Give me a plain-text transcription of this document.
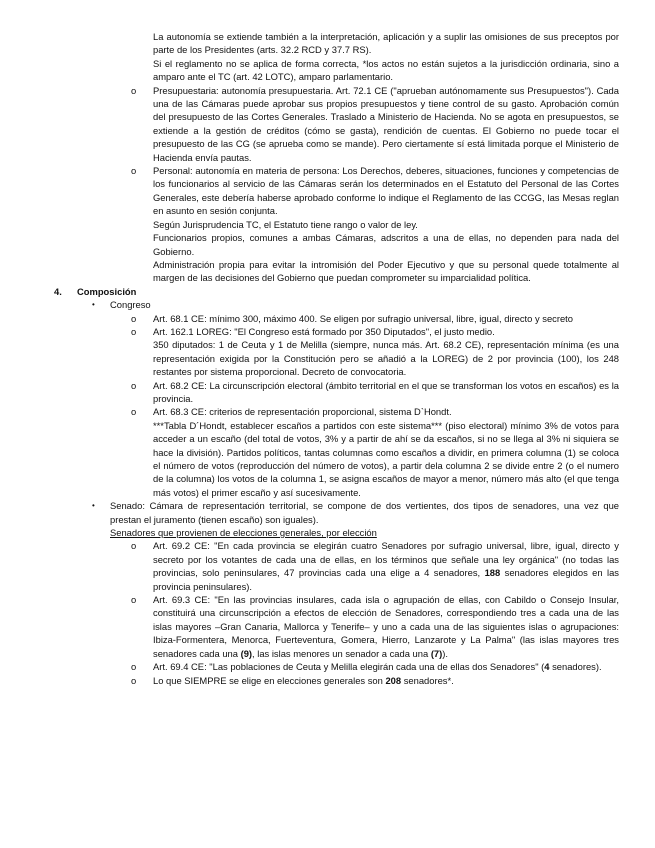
La autonomía se extiende también a la interpretación, aplicación y a suplir las omisiones de sus preceptos por parte de los Presidentes (arts. 32.2 RCD y 37.7 RS).

Si el reglamento no se aplica de forma correcta, *los actos no están sujetos a la jurisdicción ordinaria, sino a amparo ante el TC (art. 42 LOTC), amparo parlamentario.

o Presupuestaria: autonomía presupuestaria. Art. 72.1 CE ("aprueban autónomamente sus Presupuestos"). Cada una de las Cámaras puede aprobar sus propios presupuestos y tiene control de su gasto. Aprobación común del presupuesto de las Cortes Generales. Traslado a Ministerio de Hacienda. No se agota en presupuestos, se extiende a la gestión de créditos (cómo se gasta), rendición de cuentas. El Gobierno no puede tocar el presupuesto de las CG (se aprueba como se mande). Pero ciertamente sí está limitada porque el Ministerio de Hacienda envía pautas.

o Personal: autonomía en materia de persona: Los Derechos, deberes, situaciones, funciones y competencias de los funcionarios al servicio de las Cámaras serán los determinados en el Estatuto del Personal de las Cortes Generales, este debería haberse aprobado conforme lo indique el Reglamento de las CCGG, las Mesas reglan en asunto en sesión conjunta.

Según Jurisprudencia TC, el Estatuto tiene rango o valor de ley.

Funcionarios propios, comunes a ambas Cámaras, adscritos a una de ellas, no dependen para nada del Gobierno.

Administración propia para evitar la intromisión del Poder Ejecutivo y que su personal quede totalmente al margen de las decisiones del Gobierno que puedan comprometer su imparcialidad política.

4. Composición
• Congreso

o Art. 68.1 CE: mínimo 300, máximo 400. Se eligen por sufragio universal, libre, igual, directo y secreto

o Art. 162.1 LOREG: "El Congreso está formado por 350 Diputados", el justo medio.

350 diputados: 1 de Ceuta y 1 de Melilla (siempre, nunca más. Art. 68.2 CE), representación mínima (es una representación exigida por la Constitución pero se añadió a la LOREG) de 2 por provincia (100), los 248 restantes por sistema proporcional. Decreto de convocatoria.

o Art. 68.2 CE: La circunscripción electoral (ámbito territorial en el que se transforman los votos en escaños) es la provincia.

o Art. 68.3 CE: criterios de representación proporcional, sistema D`Hondt.

***Tabla D´Hondt, establecer escaños a partidos con este sistema*** (piso electoral) mínimo 3% de votos para acceder a un escaño (del total de votos, 3% y a partir de ahí se da escaños, si no se llega al 3% ni siquiera se hace la división). Partidos políticos, tantas columnas como escaños a dividir, en primera columna (1) se coloca el número de votos (reproducción del número de votos), a partir dela columna 2 se divide entre 2 (o el numero de la columna) los votos de la columna 1, se asigna escaños de mayor a menor, número más alto (el que tenga más votos) el primer escaño y así sucesivamente.

• Senado: Cámara de representación territorial, se compone de dos vertientes, dos tipos de senadores, una vez que prestan el juramento (tienen escaño) son iguales).

Senadores que provienen de elecciones generales, por elección

o Art. 69.2 CE: "En cada provincia se elegirán cuatro Senadores por sufragio universal, libre, igual, directo y secreto por los votantes de cada una de ellas, en los términos que señale una ley orgánica" (no todas las provincias, solo peninsulares, 47 provincias cada una elige a 4 senadores, 188 senadores elegidos en las provincia peninsulares).

o Art. 69.3 CE: "En las provincias insulares, cada isla o agrupación de ellas, con Cabildo o Consejo Insular, constituirá una circunscripción a efectos de elección de Senadores, correspondiendo tres a cada una de las islas mayores –Gran Canaria, Mallorca y Tenerife– y uno a cada una de las siguientes islas o agrupaciones: Ibiza-Formentera, Menorca, Fuerteventura, Gomera, Hierro, Lanzarote y La Palma" (las islas mayores tres senadores cada una (9), las islas menores un senador a cada una (7)).

o Art. 69.4 CE: "Las poblaciones de Ceuta y Melilla elegirán cada una de ellas dos Senadores" (4 senadores).

o Lo que SIEMPRE se elige en elecciones generales son 208 senadores*.
